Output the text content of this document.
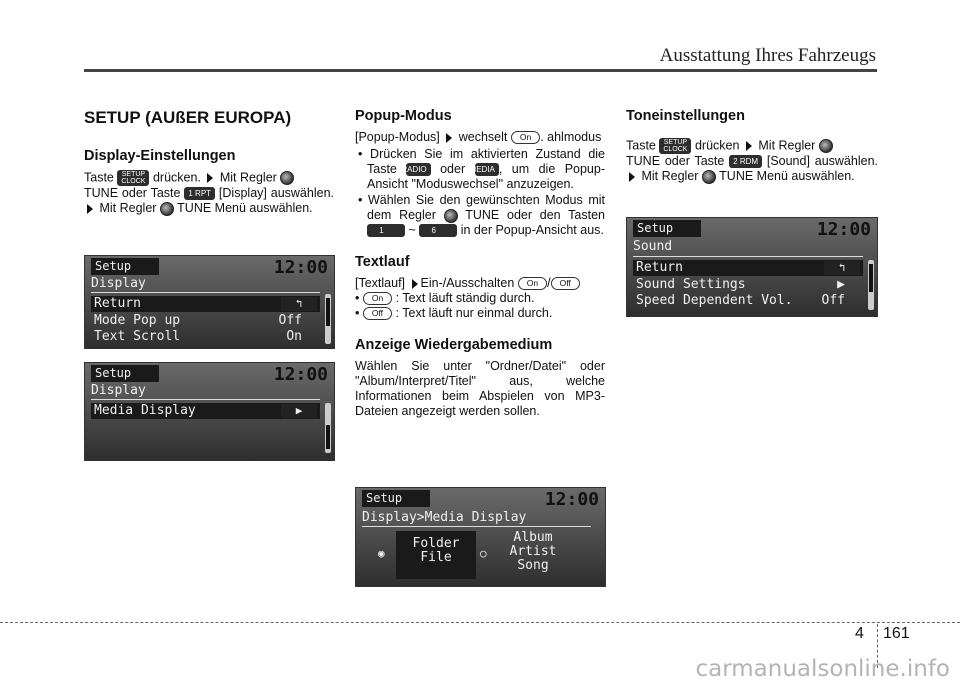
Ausstattung Ihres Fahrzeugs
SETUP (AUßER EUROPA)
Display-Einstellungen

Taste SETUP
CLOCK drücken.  Mit Regler
TUNE oder Taste 1 RPT [Display] auswählen.  Mit Regler  TUNE Menü auswählen.

Setup	12:00
Display
Return	↰
Mode Pop up	Off
Text Scroll	On
Setup	12:00
Display
Media Display	▶
Popup-Modus

[Popup-Modus]  wechselt On . ahlmodus

• Drücken Sie im aktivierten Zustand die Taste RADIO oder MEDIA , um die Popup-Ansicht "Moduswechsel" anzuzeigen.
• Wählen Sie den gewünschten Modus mit dem Regler  TUNE oder den Tasten 1 ~ 6 in der Popup-Ansicht aus.
Textlauf

[Textlauf] Ein-/Ausschalten On / Off

• On : Text läuft ständig durch.

• Off : Text läuft nur einmal durch.

Anzeige Wiedergabemedium

Wählen Sie unter "Ordner/Datei" oder "Album/Interpret/Titel" aus, welche Informationen beim Abspielen von MP3-Dateien angezeigt werden sollen.

Setup	12:00
Display>Media Display
◉
Folder
File	○
Album
Artist
Song
Toneinstellungen

Taste SETUP
CLOCK drücken  Mit Regler
TUNE oder Taste 2 RDM [Sound] auswählen.  Mit Regler  TUNE Menü auswählen.

Setup	12:00
Sound
Return	↰
Sound Settings	▶
Speed Dependent Vol. Off
4 161
carmanualsonline.info
